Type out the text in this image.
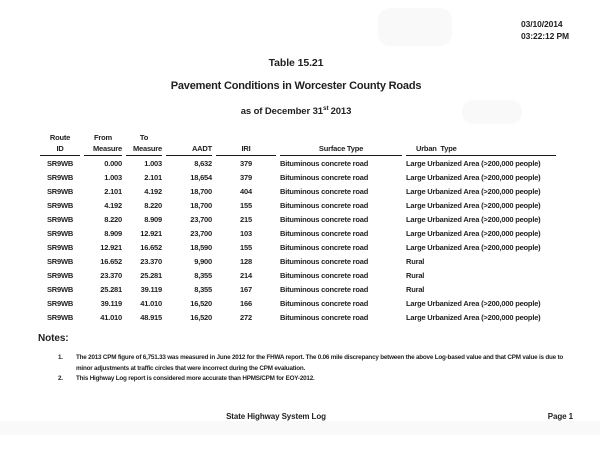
03/10/2014
03:22:12 PM
Table 15.21
Pavement Conditions in Worcester County Roads
as of December 31st 2013
Route	From	To				
ID	Measure	Measure	AADT	IRI	Surface Type	Urban  Type
SR9WB	0.000	1.003	8,632	379	Bituminous concrete road	Large Urbanized Area (>200,000 people)
SR9WB	1.003	2.101	18,654	379	Bituminous concrete road	Large Urbanized Area (>200,000 people)
SR9WB	2.101	4.192	18,700	404	Bituminous concrete road	Large Urbanized Area (>200,000 people)
SR9WB	4.192	8.220	18,700	155	Bituminous concrete road	Large Urbanized Area (>200,000 people)
SR9WB	8.220	8.909	23,700	215	Bituminous concrete road	Large Urbanized Area (>200,000 people)
SR9WB	8.909	12.921	23,700	103	Bituminous concrete road	Large Urbanized Area (>200,000 people)
SR9WB	12.921	16.652	18,590	155	Bituminous concrete road	Large Urbanized Area (>200,000 people)
SR9WB	16.652	23.370	9,900	128	Bituminous concrete road	Rural
SR9WB	23.370	25.281	8,355	214	Bituminous concrete road	Rural
SR9WB	25.281	39.119	8,355	167	Bituminous concrete road	Rural
SR9WB	39.119	41.010	16,520	166	Bituminous concrete road	Large Urbanized Area (>200,000 people)
SR9WB	41.010	48.915	16,520	272	Bituminous concrete road	Large Urbanized Area (>200,000 people)
Notes:
1.	The 2013 CPM figure of 6,751.33 was measured in June 2012 for the FHWA report. The 0.06 mile discrepancy between the above Log-based value and that CPM value is due to minor adjustments at traffic circles that were incorrect during the CPM evaluation.
2.	This Highway Log report is considered more accurate than HPMS/CPM for EOY-2012.
State Highway System Log	Page 1
